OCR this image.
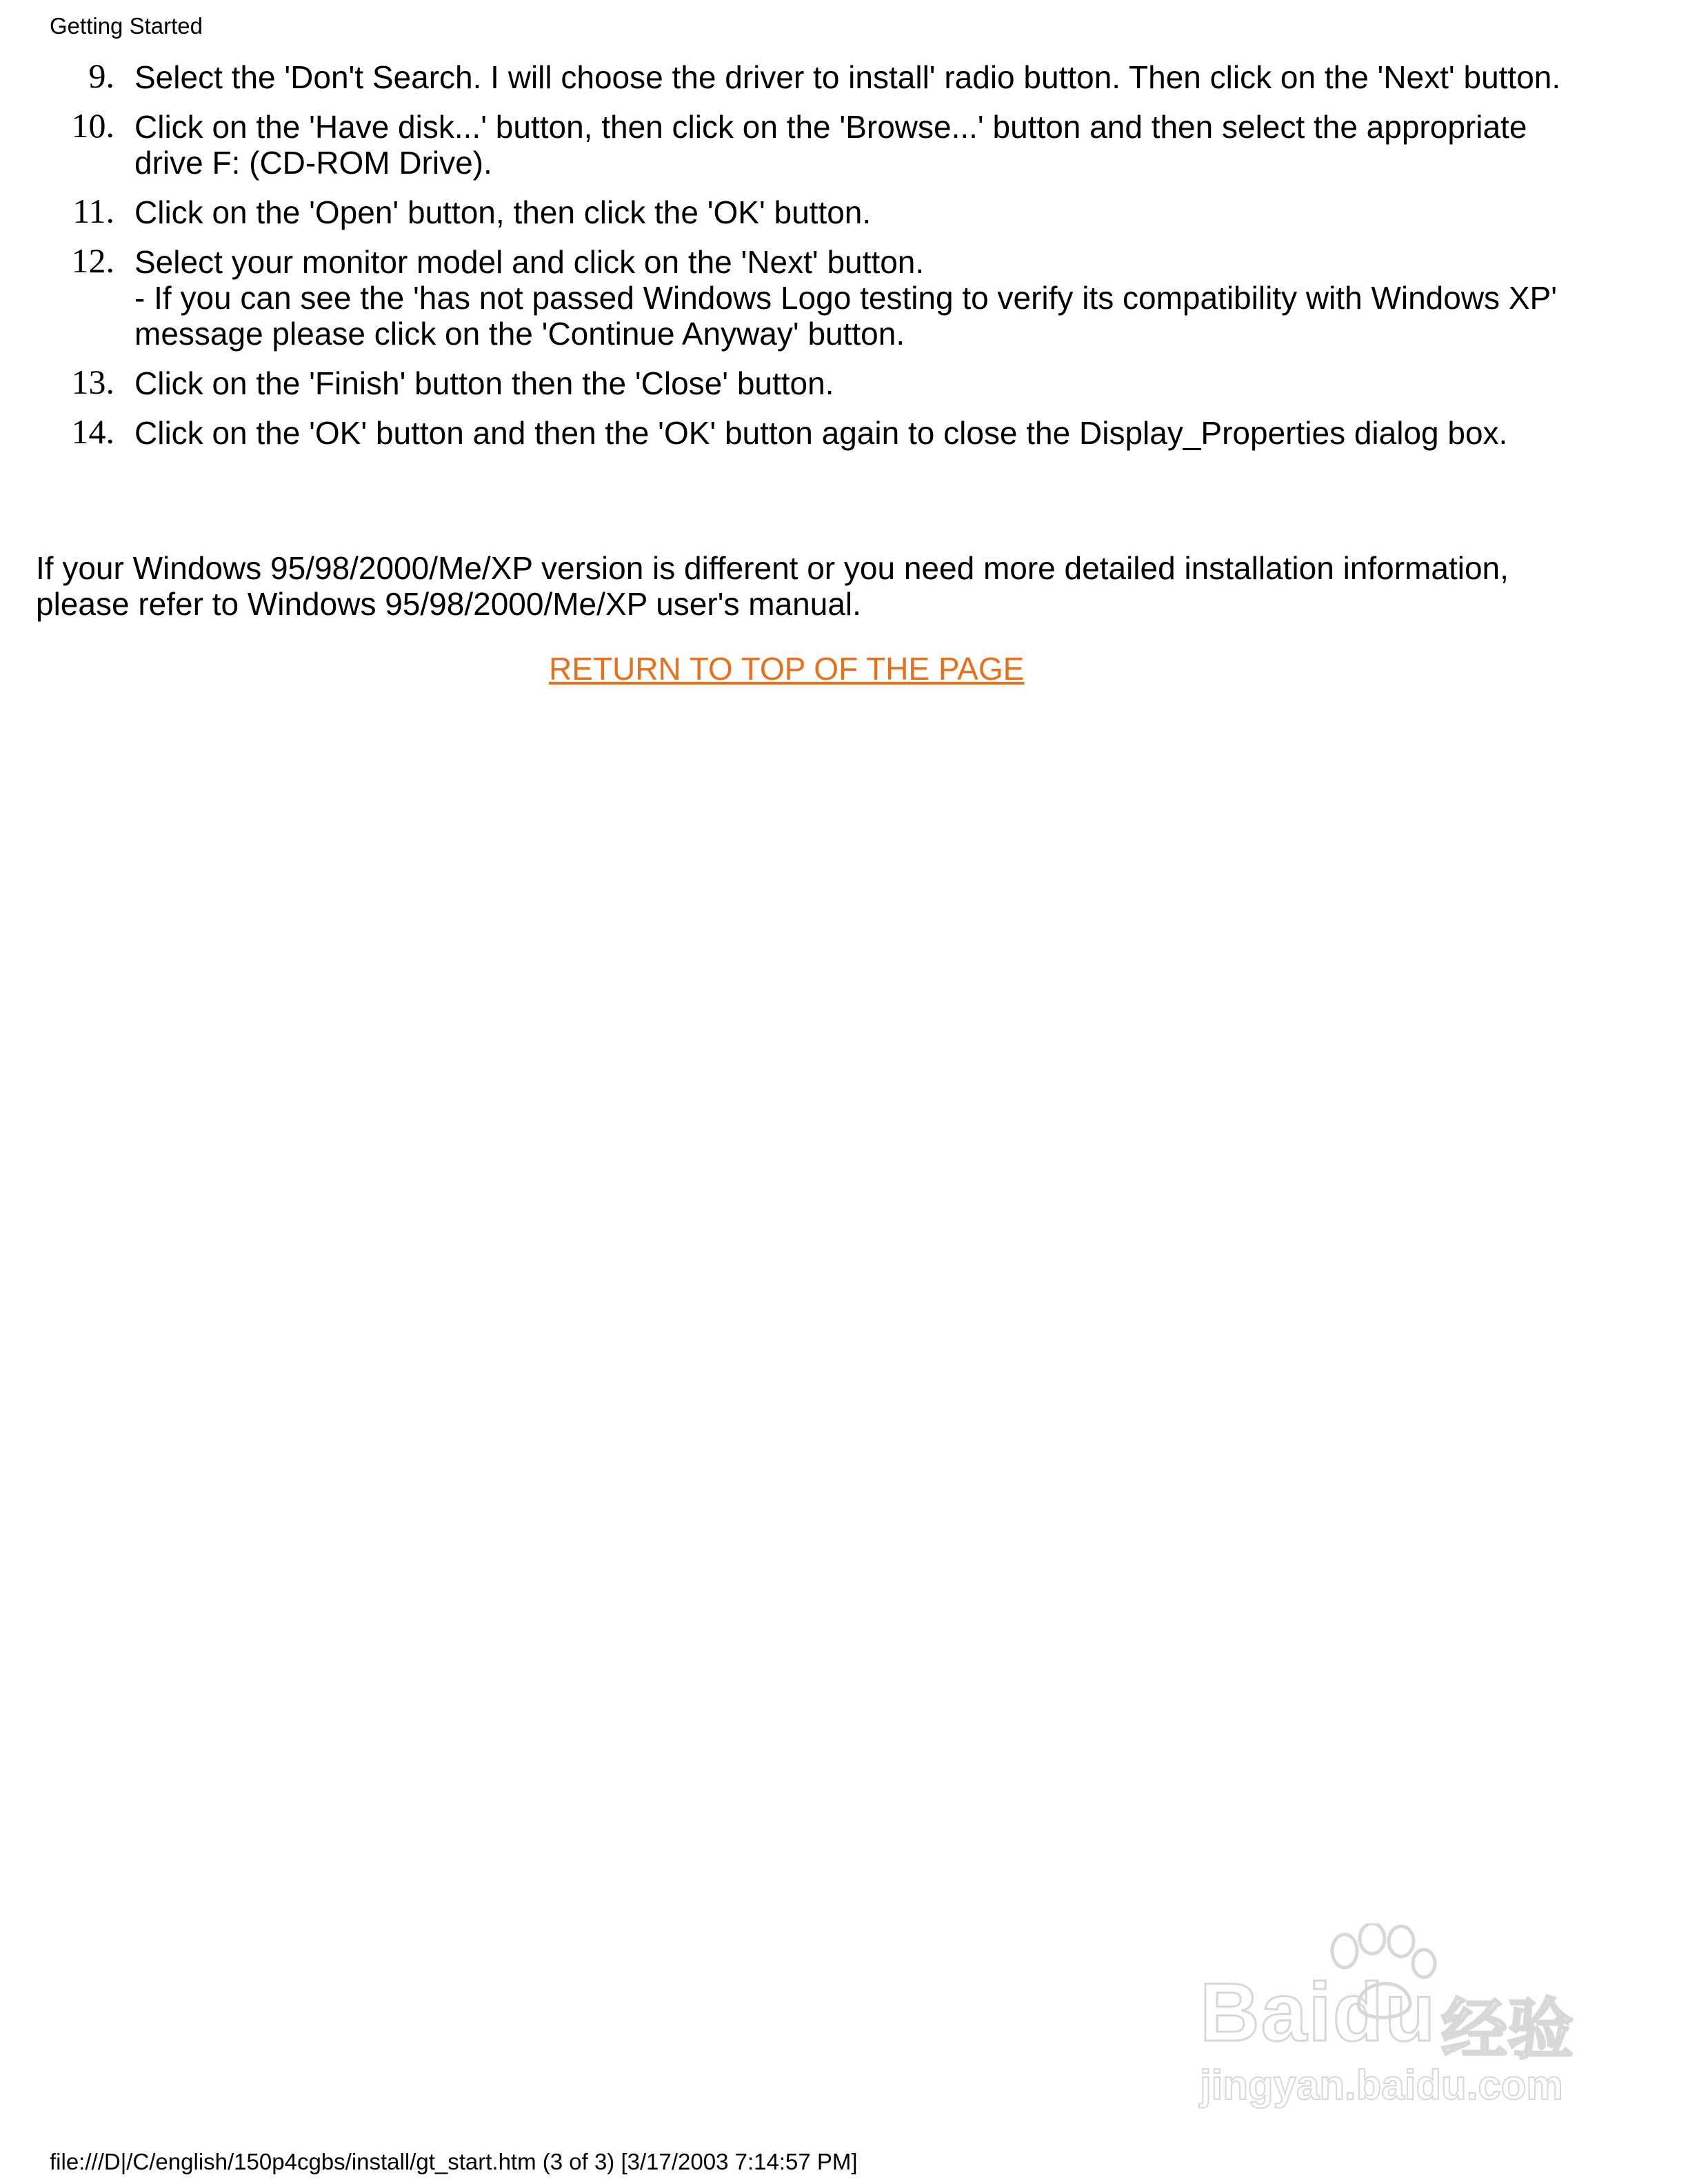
Getting Started
9. Select the 'Don't Search. I will choose the driver to install' radio button. Then click on the 'Next' button.
10. Click on the 'Have disk...' button, then click on the 'Browse...' button and then select the appropriate drive F: (CD-ROM Drive).
11. Click on the 'Open' button, then click the 'OK' button.
12. Select your monitor model and click on the 'Next' button.
- If you can see the 'has not passed Windows Logo testing to verify its compatibility with Windows XP' message please click on the 'Continue Anyway' button.
13. Click on the 'Finish' button then the 'Close' button.
14. Click on the 'OK' button and then the 'OK' button again to close the Display_Properties dialog box.

If your Windows 95/98/2000/Me/XP version is different or you need more detailed installation information, please refer to Windows 95/98/2000/Me/XP user's manual.

RETURN TO TOP OF THE PAGE
Baidu 经验
jingyan.baidu.com
file:///D|/C/english/150p4cgbs/install/gt_start.htm (3 of 3) [3/17/2003 7:14:57 PM]
